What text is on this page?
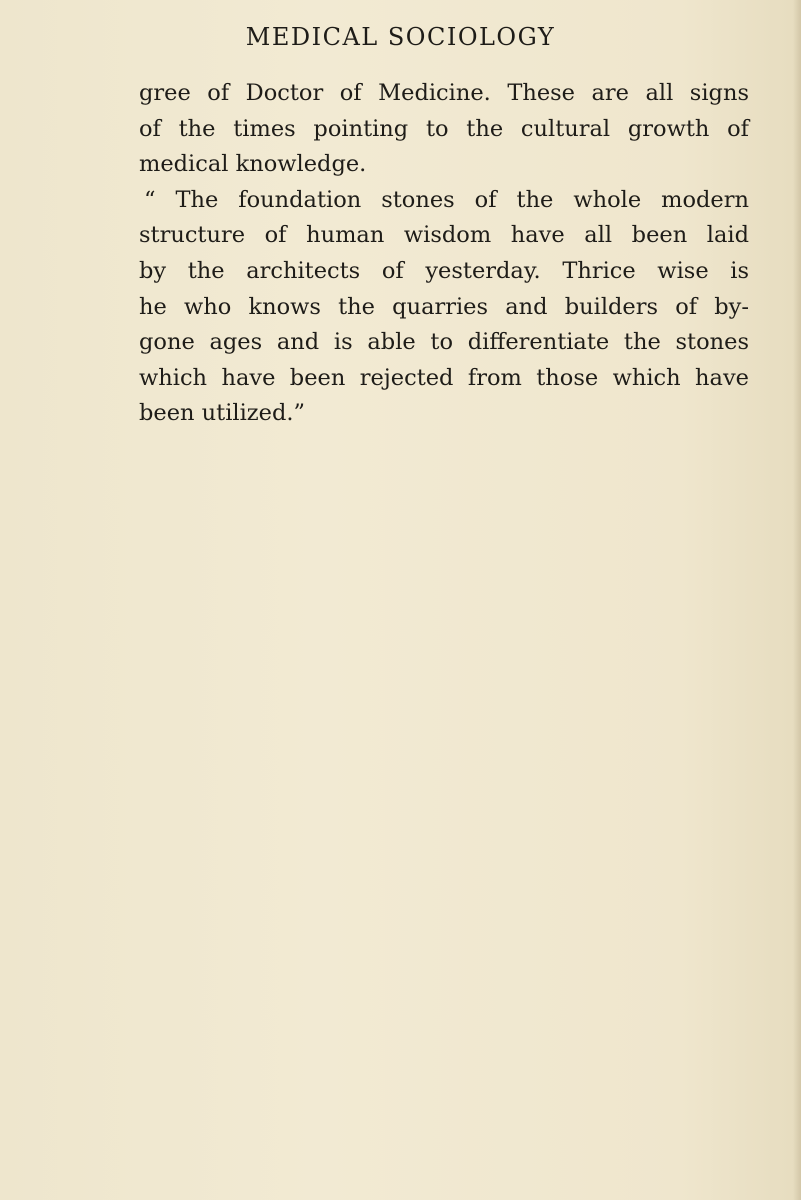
MEDICAL SOCIOLOGY
gree of Doctor of Medicine. These are all signs
of the times pointing to the cultural growth of
medical knowledge.
“ The foundation stones of the whole modern
structure of human wisdom have all been laid
by the architects of yesterday. Thrice wise is
he who knows the quarries and builders of by-
gone ages and is able to differentiate the stones
which have been rejected from those which have
been utilized.”
